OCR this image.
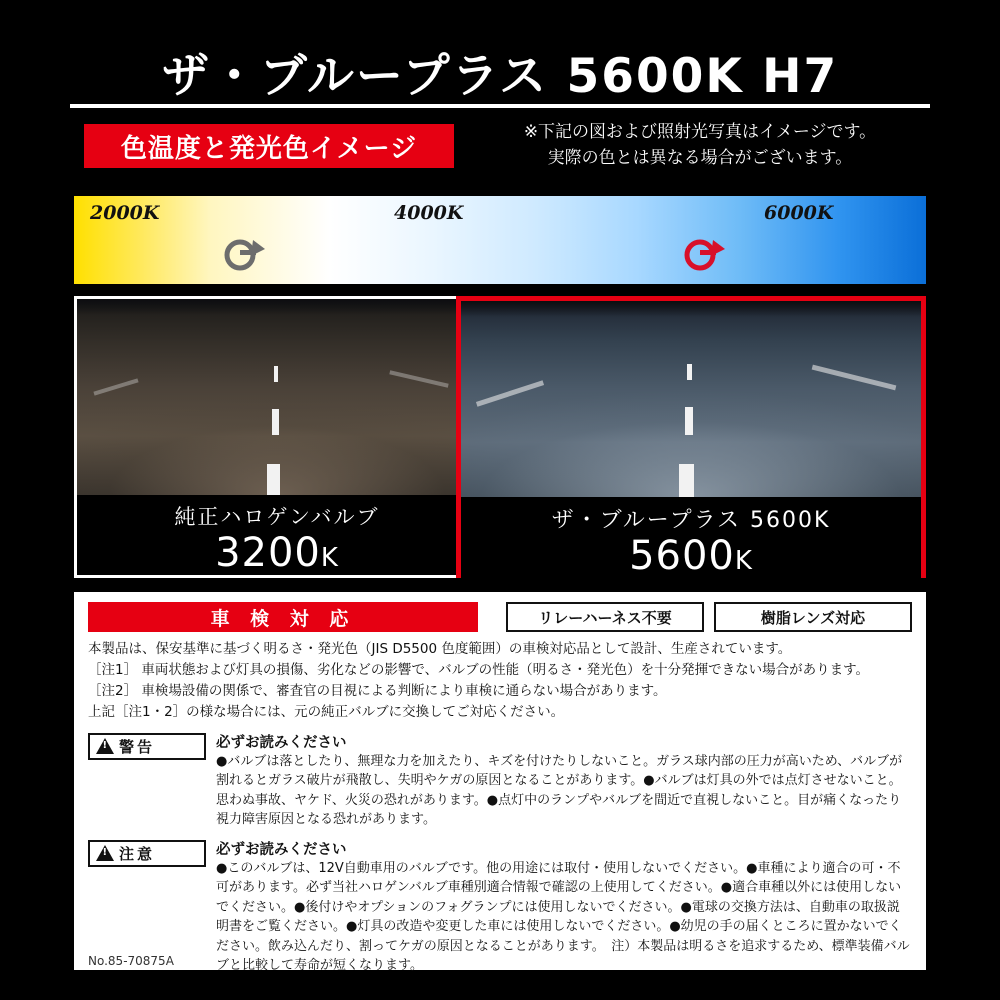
ザ・ブループラス 5600K H7
色温度と発光色イメージ
※下記の図および照射光写真はイメージです。
実際の色とは異なる場合がございます。
2000K	4000K	6000K
純正ハロゲンバルブ
3200K
ザ・ブループラス 5600K
5600K
車 検 対 応	リレーハーネス不要	樹脂レンズ対応

本製品は、保安基準に基づく明るさ・発光色（JIS D5500 色度範囲）の車検対応品として設計、生産されています。

［注1］ 車両状態および灯具の損傷、劣化などの影響で、バルブの性能（明るさ・発光色）を十分発揮できない場合があります。

［注2］ 車検場設備の関係で、審査官の目視による判断により車検に通らない場合があります。

上記［注1・2］の様な場合には、元の純正バルブに交換してご対応ください。

!
警告	必ずお読みください
●バルブは落としたり、無理な力を加えたり、キズを付けたりしないこと。ガラス球内部の圧力が高いため、バルブが割れるとガラス破片が飛散し、失明やケガの原因となることがあります。●バルブは灯具の外では点灯させないこと。思わぬ事故、ヤケド、火災の恐れがあります。●点灯中のランプやバルブを間近で直視しないこと。目が痛くなったり視力障害原因となる恐れがあります。
!
注意	必ずお読みください
●このバルブは、12V自動車用のバルブです。他の用途には取付・使用しないでください。●車種により適合の可・不可があります。必ず当社ハロゲンバルブ車種別適合情報で確認の上使用してください。●適合車種以外には使用しないでください。●後付けやオプションのフォグランプには使用しないでください。●電球の交換方法は、自動車の取扱説明書をご覧ください。●灯具の改造や変更した車には使用しないでください。●幼児の手の届くところに置かないでください。飲み込んだり、割ってケガの原因となることがあります。　注）本製品は明るさを追求するため、標準装備バルブと比較して寿命が短くなります。
No.85-70875A
